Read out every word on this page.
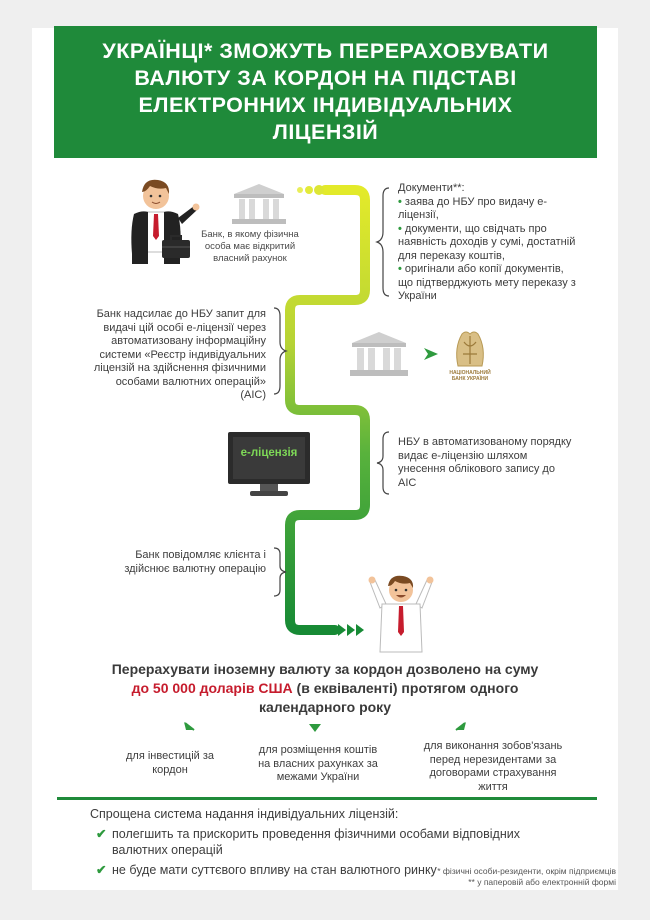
УКРАЇНЦІ* ЗМОЖУТЬ ПЕРЕРАХОВУВАТИ ВАЛЮТУ ЗА КОРДОН НА ПІДСТАВІ ЕЛЕКТРОННИХ ІНДИВІДУАЛЬНИХ ЛІЦЕНЗІЙ
Банк, в якому фізична особа має відкритий власний рахунок
Документи**:
• заява до НБУ про видачу е-ліцензії,
• документи, що свідчать про наявність доходів у сумі, достатній для переказу коштів,
• оригінали або копії документів, що підтверджують мету переказу з України
Банк надсилає до НБУ запит для видачі цій особі е-ліцензії через автоматизовану інформаційну системи «Реєстр індивідуальних ліцензій на здійснення фізичними особами валютних операцій» (АІС)
НАЦІОНАЛЬНИЙ БАНК УКРАЇНИ
е-ліцензія
НБУ в автоматизованому порядку видає е-ліцензію шляхом унесення облікового запису до АІС
Банк повідомляє клієнта і здійснює валютну операцію
Перерахувати іноземну валюту за кордон дозволено на суму
до 50 000 доларів США (в еквіваленті) протягом одного
календарного року
для інвестицій за кордон
для розміщення коштів на власних рахунках за межами України
для виконання зобов'язань перед нерезидентами за договорами страхування життя
Спрощена система надання індивідуальних ліцензій:
✔ полегшить та прискорить проведення фізичними особами відповідних валютних операцій
✔ не буде мати суттєвого впливу на стан валютного ринку * фізичні особи-резиденти, окрім підприємців
** у паперовій або електронній формі
